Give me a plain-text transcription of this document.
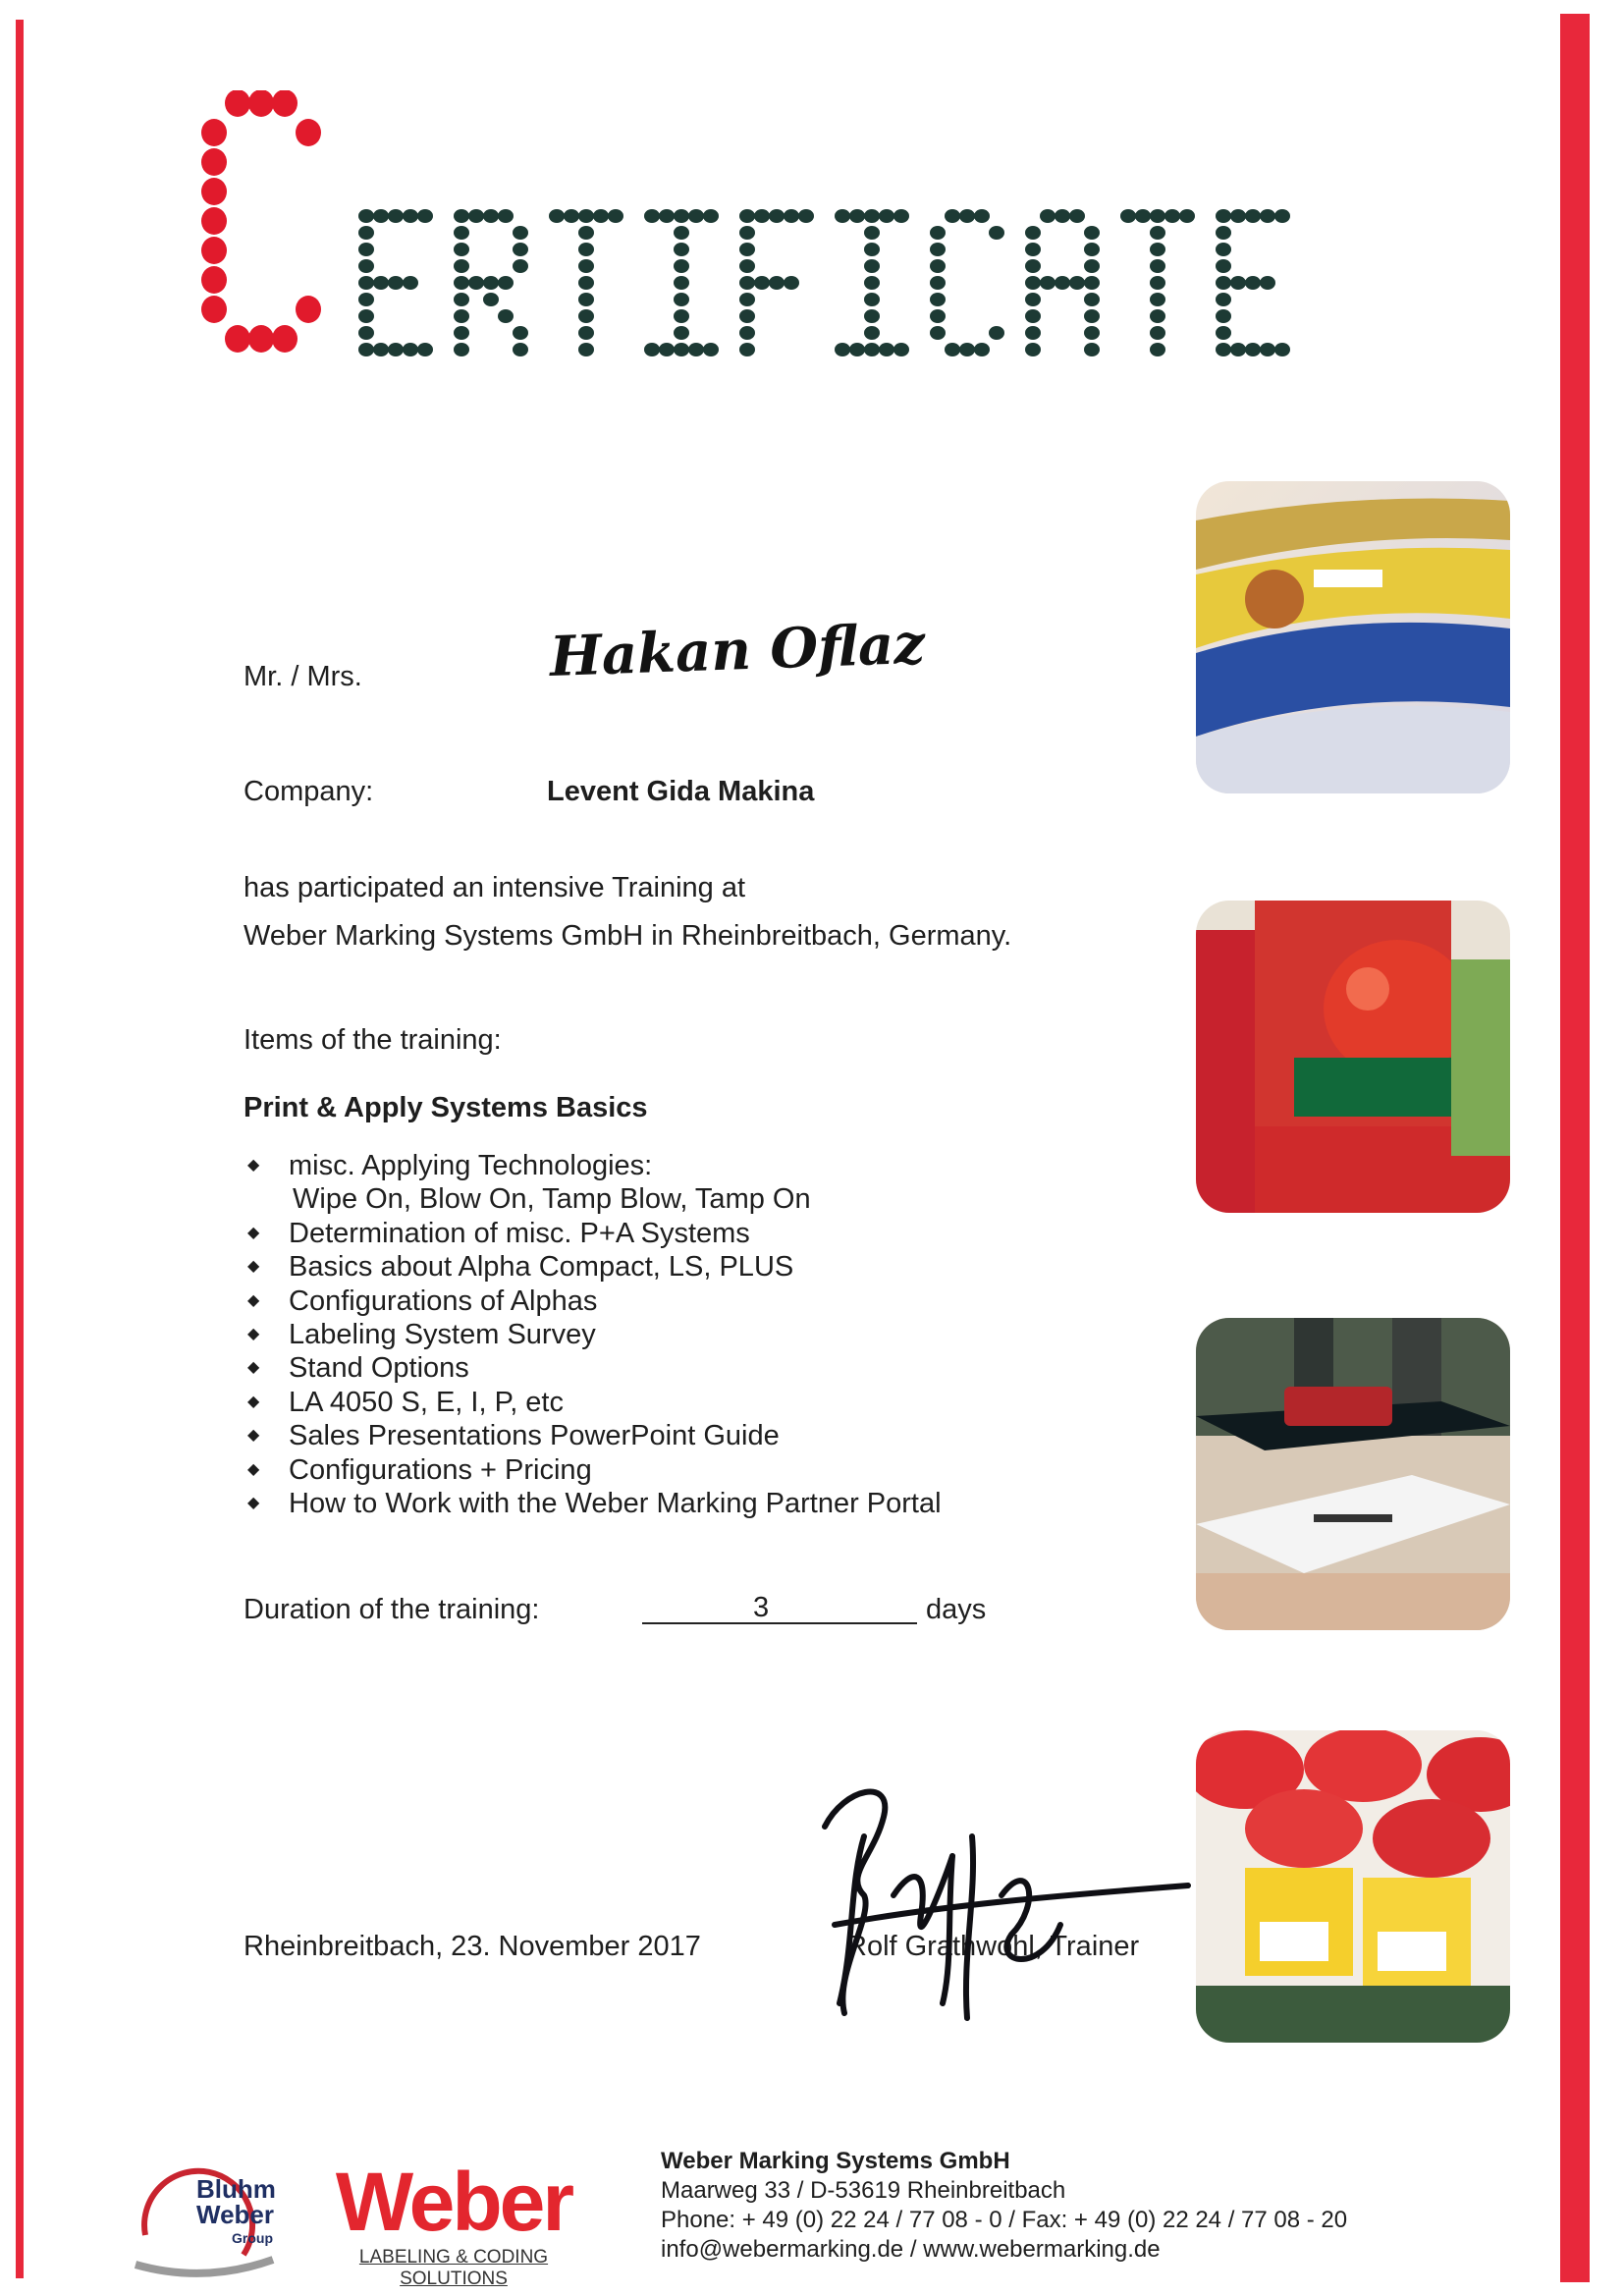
Mr. / Mrs.	Hakan Oflaz
Company:	Levent Gida Makina
has participated an intensive Training at
Weber Marking Systems GmbH in Rheinbreitbach, Germany.
Items of the training:
Print & Apply Systems Basics
◆ misc. Applying Technologies:
Wipe On, Blow On, Tamp Blow, Tamp On
◆ Determination of misc. P+A Systems
◆ Basics about Alpha Compact, LS, PLUS
◆ Configurations of Alphas
◆ Labeling System Survey
◆ Stand Options
◆ LA 4050 S, E, I, P, etc
◆ Sales Presentations PowerPoint Guide
◆ Configurations + Pricing
◆ How to Work with the Weber Marking Partner Portal
Duration of the training:	3	days
Rheinbreitbach, 23. November 2017	Rolf Grathwohl, Trainer
Bluhm
Weber
Group Weber
LABELING & CODING SOLUTIONS
Weber Marking Systems GmbH
Maarweg 33 / D-53619 Rheinbreitbach
Phone: + 49 (0) 22 24 / 77 08 - 0 / Fax: + 49 (0) 22 24 / 77 08 - 20
info@webermarking.de / www.webermarking.de
